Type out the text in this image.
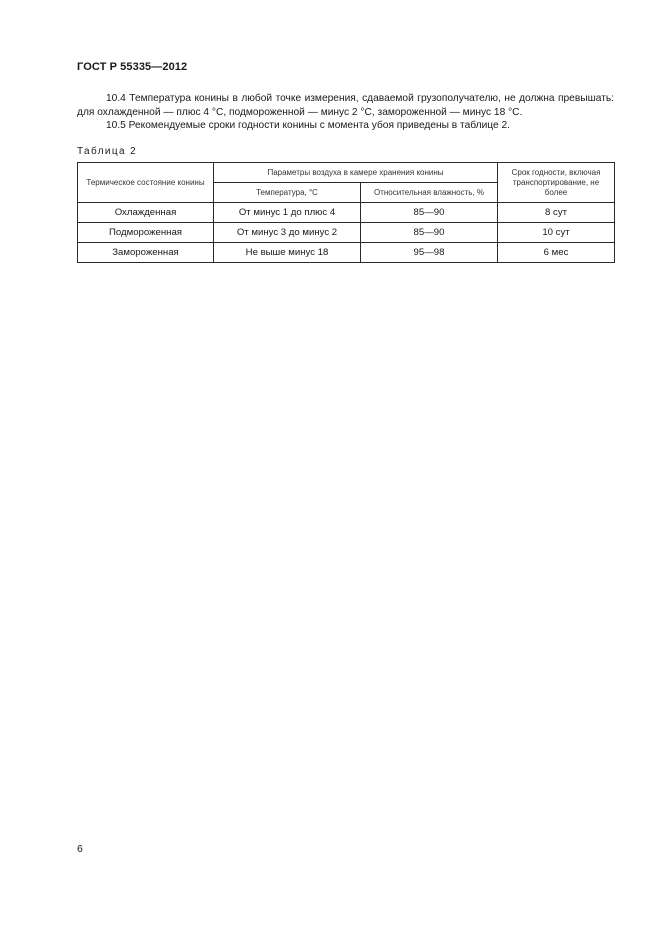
ГОСТ Р 55335—2012
10.4 Температура конины в любой точке измерения, сдаваемой грузополучателю, не должна превышать: для охлажденной — плюс 4 °С, подмороженной — минус 2 °С, замороженной — минус 18 °С.
10.5 Рекомендуемые сроки годности конины с момента убоя приведены в таблице 2.
Таблица 2
Термическое состояние конины	Параметры воздуха в камере хранения конины		Срок годности, включая транспортирование, не более
	Температура, °С	Относительная влажность, %	
Охлажденная	От минус 1 до плюс 4	85—90	8 сут
Подмороженная	От минус 3 до минус 2	85—90	10 сут
Замороженная	Не выше минус 18	95—98	6 мес
6
